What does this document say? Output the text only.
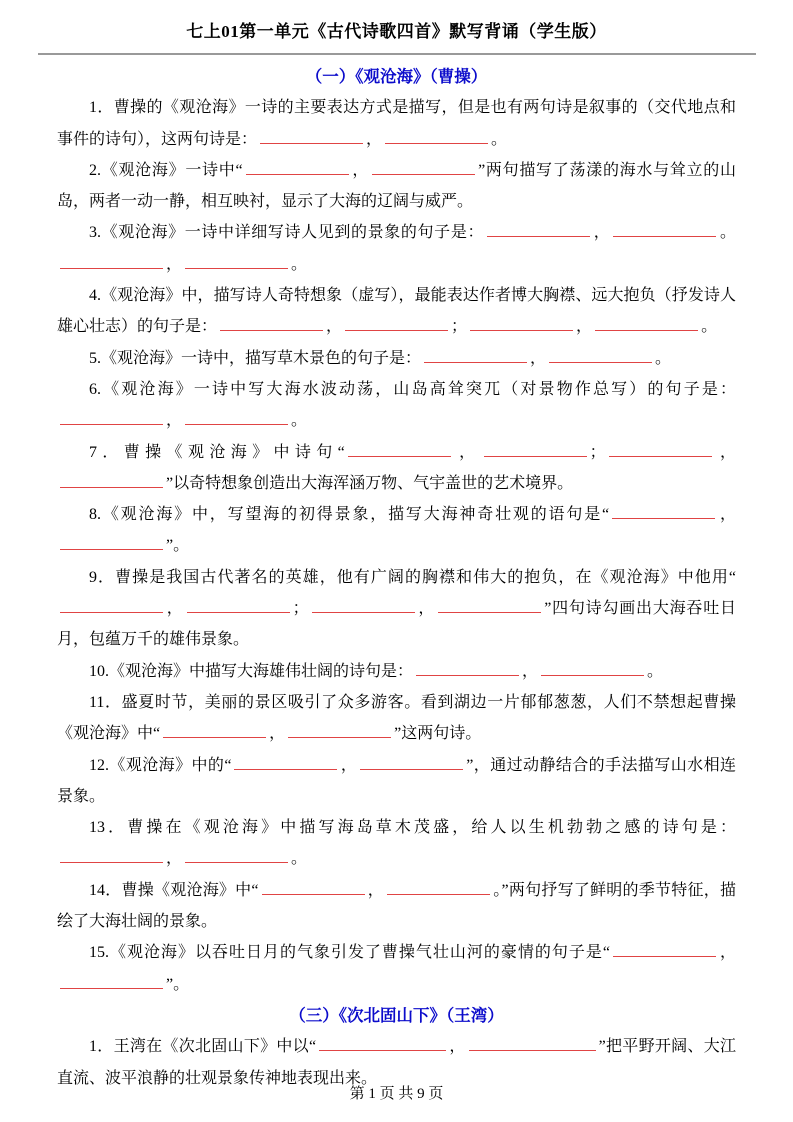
七上01第一单元《古代诗歌四首》默写背诵（学生版）
（一）《观沧海》（曹操）

1．曹操的《观沧海》一诗的主要表达方式是描写，但是也有两句诗是叙事的（交代地点和事件的诗句），这两句诗是：	，	。

2.《观沧海》一诗中“	，	”两句描写了荡漾的海水与耸立的山岛，两者一动一静，相互映衬，显示了大海的辽阔与威严。

3.《观沧海》一诗中详细写诗人见到的景象的句子是：	，	。，	。

4.《观沧海》中，描写诗人奇特想象（虚写），最能表达作者博大胸襟、远大抱负（抒发诗人雄心壮志）的句子是：	，	；	，	。

5.《观沧海》一诗中，描写草木景色的句子是：	，	。

6.《观沧海》一诗中写大海水波动荡，山岛高耸突兀（对景物作总写）的句子是：，	。

7．曹操《观沧海》中诗句“	，	；	，”以奇特想象创造出大海浑涵万物、气宇盖世的艺术境界。

8.《观沧海》中，写望海的初得景象，描写大海神奇壮观的语句是“	，”。

9．曹操是我国古代著名的英雄，他有广阔的胸襟和伟大的抱负，在《观沧海》中他用“，	；	，	”四句诗勾画出大海吞吐日月，包蕴万千的雄伟景象。

10.《观沧海》中描写大海雄伟壮阔的诗句是：	，	。

11．盛夏时节，美丽的景区吸引了众多游客。看到湖边一片郁郁葱葱，人们不禁想起曹操《观沧海》中“	，	”这两句诗。

12.《观沧海》中的“	，	”，通过动静结合的手法描写山水相连景象。

13．曹操在《观沧海》中描写海岛草木茂盛，给人以生机勃勃之感的诗句是：，	。

14．曹操《观沧海》中“	，	。”两句抒写了鲜明的季节特征，描绘了大海壮阔的景象。

15.《观沧海》以吞吐日月的气象引发了曹操气壮山河的豪情的句子是“	，”。

（三）《次北固山下》（王湾）

1．王湾在《次北固山下》中以“	，	”把平野开阔、大江直流、波平浪静的壮观景象传神地表现出来。

第 1 页 共 9 页
